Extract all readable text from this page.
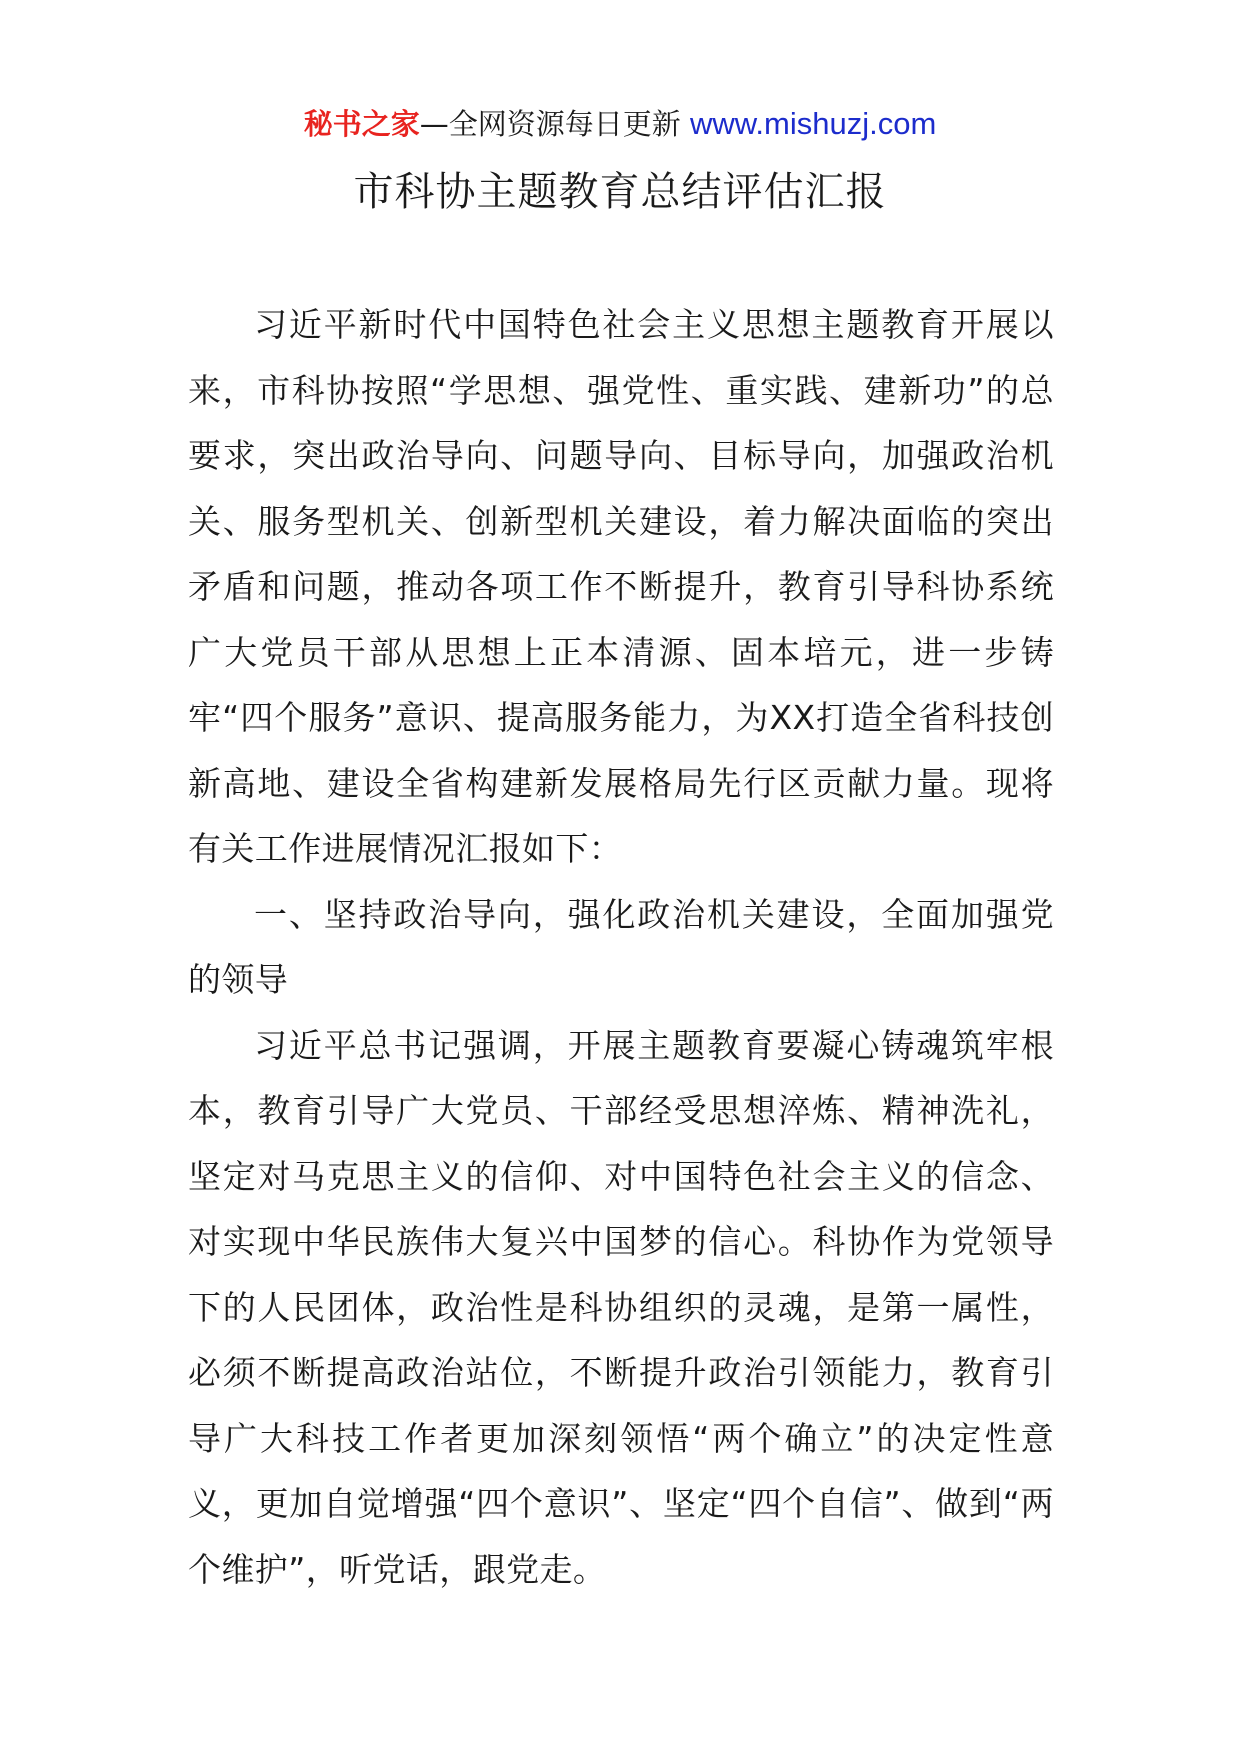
秘书之家—全网资源每日更新 www.mishuzj.com
市科协主题教育总结评估汇报

习近平新时代中国特色社会主义思想主题教育开展以来，市科协按照“学思想、强党性、重实践、建新功”的总要求，突出政治导向、问题导向、目标导向，加强政治机关、服务型机关、创新型机关建设，着力解决面临的突出矛盾和问题，推动各项工作不断提升，教育引导科协系统广大党员干部从思想上正本清源、固本培元，进一步铸牢“四个服务”意识、提高服务能力，为XX打造全省科技创新高地、建设全省构建新发展格局先行区贡献力量。现将有关工作进展情况汇报如下：

一、坚持政治导向，强化政治机关建设，全面加强党的领导

习近平总书记强调，开展主题教育要凝心铸魂筑牢根本，教育引导广大党员、干部经受思想淬炼、精神洗礼，坚定对马克思主义的信仰、对中国特色社会主义的信念、对实现中华民族伟大复兴中国梦的信心。科协作为党领导下的人民团体，政治性是科协组织的灵魂，是第一属性，必须不断提高政治站位，不断提升政治引领能力，教育引导广大科技工作者更加深刻领悟“两个确立”的决定性意义，更加自觉增强“四个意识”、坚定“四个自信”、做到“两个维护”，听党话，跟党走。
